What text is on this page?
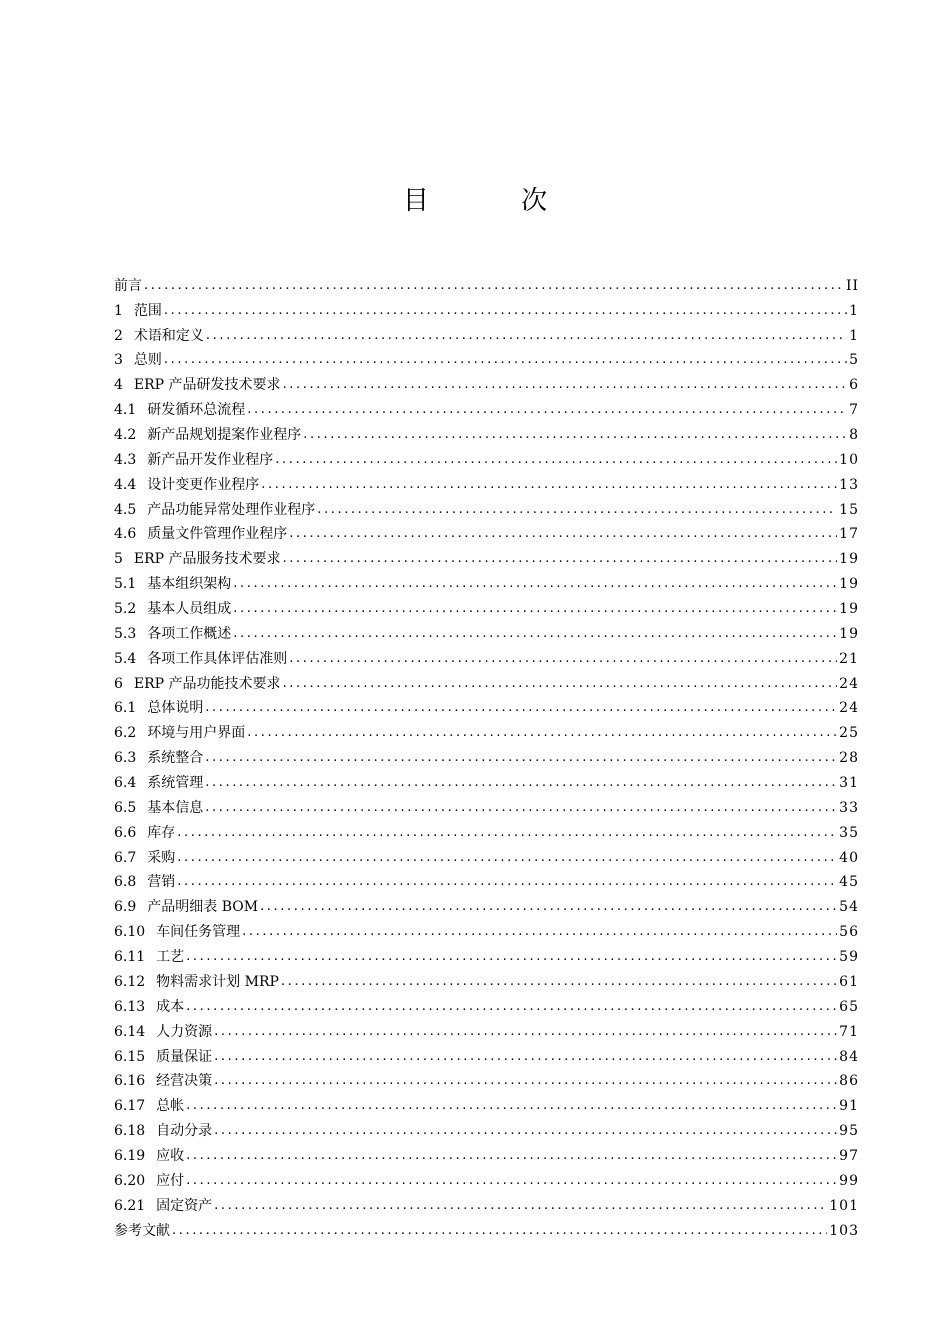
目 次
前言 .....	II
1 范围 .....	1
2 术语和定义 .....	1
3 总则 .....	5
4 ERP 产品研发技术要求 .....	6
4.1 研发循环总流程 .....	7
4.2 新产品规划提案作业程序 .....	8
4.3 新产品开发作业程序 .....	10
4.4 设计变更作业程序 .....	13
4.5 产品功能异常处理作业程序 .....	15
4.6 质量文件管理作业程序 .....	17
5 ERP 产品服务技术要求 .....	19
5.1 基本组织架构 .....	19
5.2 基本人员组成 .....	19
5.3 各项工作概述 .....	19
5.4 各项工作具体评估准则 .....	21
6 ERP 产品功能技术要求 .....	24
6.1 总体说明 .....	24
6.2 环境与用户界面 .....	25
6.3 系统整合 .....	28
6.4 系统管理 .....	31
6.5 基本信息 .....	33
6.6 库存 .....	35
6.7 采购 .....	40
6.8 营销 .....	45
6.9 产品明细表 BOM .....	54
6.10 车间任务管理 .....	56
6.11 工艺 .....	59
6.12 物料需求计划 MRP .....	61
6.13 成本 .....	65
6.14 人力资源 .....	71
6.15 质量保证 .....	84
6.16 经营决策 .....	86
6.17 总帐 .....	91
6.18 自动分录 .....	95
6.19 应收 .....	97
6.20 应付 .....	99
6.21 固定资产 .....	101
参考文献 .....	103
